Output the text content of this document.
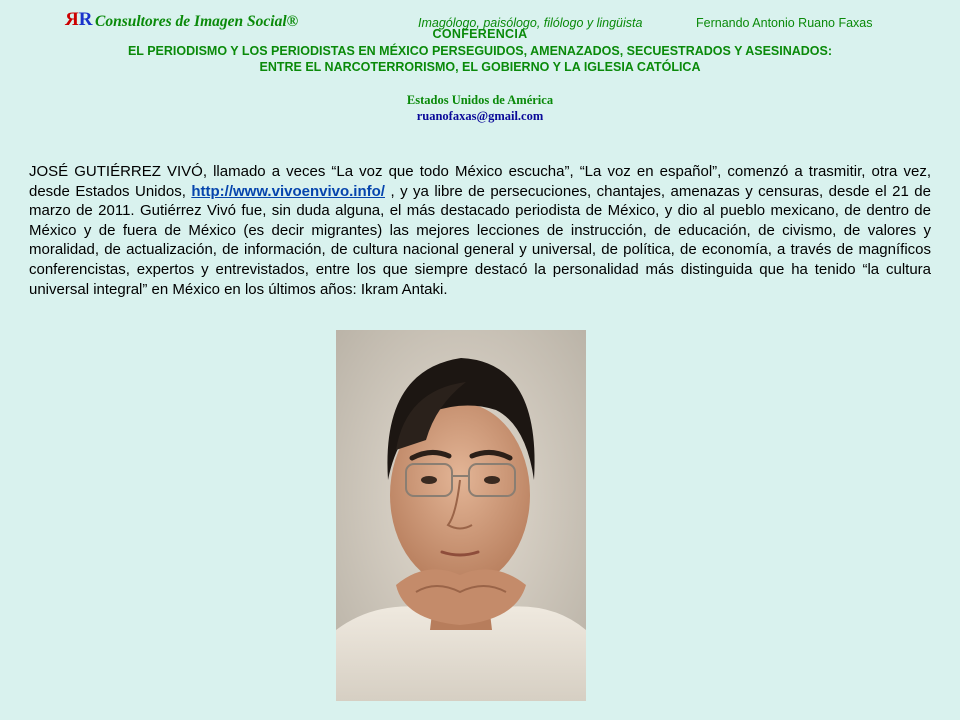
RR Consultores de Imagen Social®	Imagólogo, paisólogo, filólogo y lingüista	Fernando Antonio Ruano Faxas
CONFERENCIA
EL PERIODISMO Y LOS PERIODISTAS EN MÉXICO PERSEGUIDOS, AMENAZADOS, SECUESTRADOS Y ASESINADOS:
ENTRE EL NARCOTERRORISMO, EL GOBIERNO Y LA IGLESIA CATÓLICA
Estados Unidos de América
ruanofaxas@gmail.com
JOSÉ GUTIÉRREZ VIVÓ, llamado a veces “La voz que todo México escucha”, “La voz en español”, comenzó a trasmitir, otra vez, desde Estados Unidos, http://www.vivoenvivo.info/ , y ya libre de persecuciones, chantajes, amenazas y censuras, desde el 21 de marzo de 2011. Gutiérrez Vivó fue, sin duda alguna, el más destacado periodista de México, y dio al pueblo mexicano, de dentro de México y de fuera de México (es decir migrantes) las mejores lecciones de instrucción, de educación, de civismo, de valores y moralidad, de actualización, de información, de cultura nacional general y universal, de política, de economía, a través de magníficos conferencistas, expertos y entrevistados, entre los que siempre destacó la personalidad más distinguida que ha tenido “la cultura universal integral” en México en los últimos años: Ikram Antaki.
